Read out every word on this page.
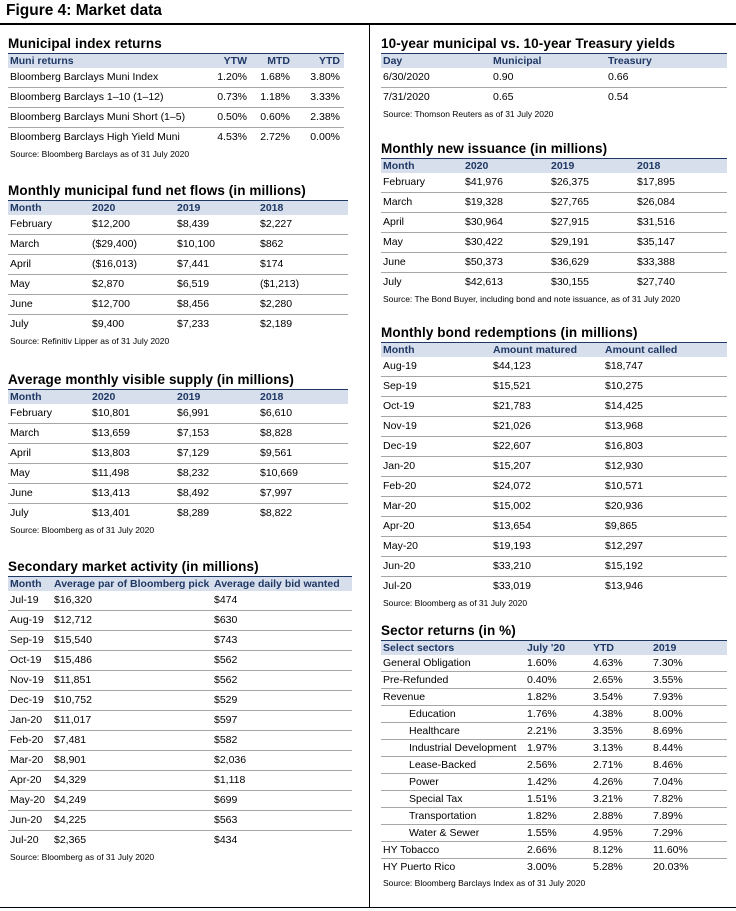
Figure 4: Market data
Municipal index returns
Muni returns	YTW	MTD	YTD
Bloomberg Barclays Muni Index	1.20%	1.68%	3.80%
Bloomberg Barclays 1–10 (1–12)	0.73%	1.18%	3.33%
Bloomberg Barclays Muni Short (1–5)	0.50%	0.60%	2.38%
Bloomberg Barclays High Yield Muni	4.53%	2.72%	0.00%
Source: Bloomberg Barclays as of 31 July 2020
Monthly municipal fund net flows (in millions)
Month	2020	2019	2018
February	$12,200	$8,439	$2,227
March	($29,400)	$10,100	$862
April	($16,013)	$7,441	$174
May	$2,870	$6,519	($1,213)
June	$12,700	$8,456	$2,280
July	$9,400	$7,233	$2,189
Source: Refinitiv Lipper as of 31 July 2020
Average monthly visible supply (in millions)
Month	2020	2019	2018
February	$10,801	$6,991	$6,610
March	$13,659	$7,153	$8,828
April	$13,803	$7,129	$9,561
May	$11,498	$8,232	$10,669
June	$13,413	$8,492	$7,997
July	$13,401	$8,289	$8,822
Source: Bloomberg as of 31 July 2020
Secondary market activity (in millions)
Month	Average par of Bloomberg pick	Average daily bid wanted
Jul-19	$16,320	$474
Aug-19	$12,712	$630
Sep-19	$15,540	$743
Oct-19	$15,486	$562
Nov-19	$11,851	$562
Dec-19	$10,752	$529
Jan-20	$11,017	$597
Feb-20	$7,481	$582
Mar-20	$8,901	$2,036
Apr-20	$4,329	$1,118
May-20	$4,249	$699
Jun-20	$4,225	$563
Jul-20	$2,365	$434
Source: Bloomberg as of 31 July 2020
10-year municipal vs. 10-year Treasury yields
Day	Municipal	Treasury
6/30/2020	0.90	0.66
7/31/2020	0.65	0.54
Source: Thomson Reuters as of 31 July 2020
Monthly new issuance (in millions)
Month	2020	2019	2018
February	$41,976	$26,375	$17,895
March	$19,328	$27,765	$26,084
April	$30,964	$27,915	$31,516
May	$30,422	$29,191	$35,147
June	$50,373	$36,629	$33,388
July	$42,613	$30,155	$27,740
Source: The Bond Buyer, including bond and note issuance, as of 31 July 2020
Monthly bond redemptions (in millions)
Month	Amount matured	Amount called
Aug-19	$44,123	$18,747
Sep-19	$15,521	$10,275
Oct-19	$21,783	$14,425
Nov-19	$21,026	$13,968
Dec-19	$22,607	$16,803
Jan-20	$15,207	$12,930
Feb-20	$24,072	$10,571
Mar-20	$15,002	$20,936
Apr-20	$13,654	$9,865
May-20	$19,193	$12,297
Jun-20	$33,210	$15,192
Jul-20	$33,019	$13,946
Source: Bloomberg as of 31 July 2020
Sector returns (in %)
Select sectors	July '20	YTD	2019
General Obligation	1.60%	4.63%	7.30%
Pre-Refunded	0.40%	2.65%	3.55%
Revenue	1.82%	3.54%	7.93%
Education	1.76%	4.38%	8.00%
Healthcare	2.21%	3.35%	8.69%
Industrial Development	1.97%	3.13%	8.44%
Lease-Backed	2.56%	2.71%	8.46%
Power	1.42%	4.26%	7.04%
Special Tax	1.51%	3.21%	7.82%
Transportation	1.82%	2.88%	7.89%
Water & Sewer	1.55%	4.95%	7.29%
HY Tobacco	2.66%	8.12%	11.60%
HY Puerto Rico	3.00%	5.28%	20.03%
Source: Bloomberg Barclays Index as of 31 July 2020
